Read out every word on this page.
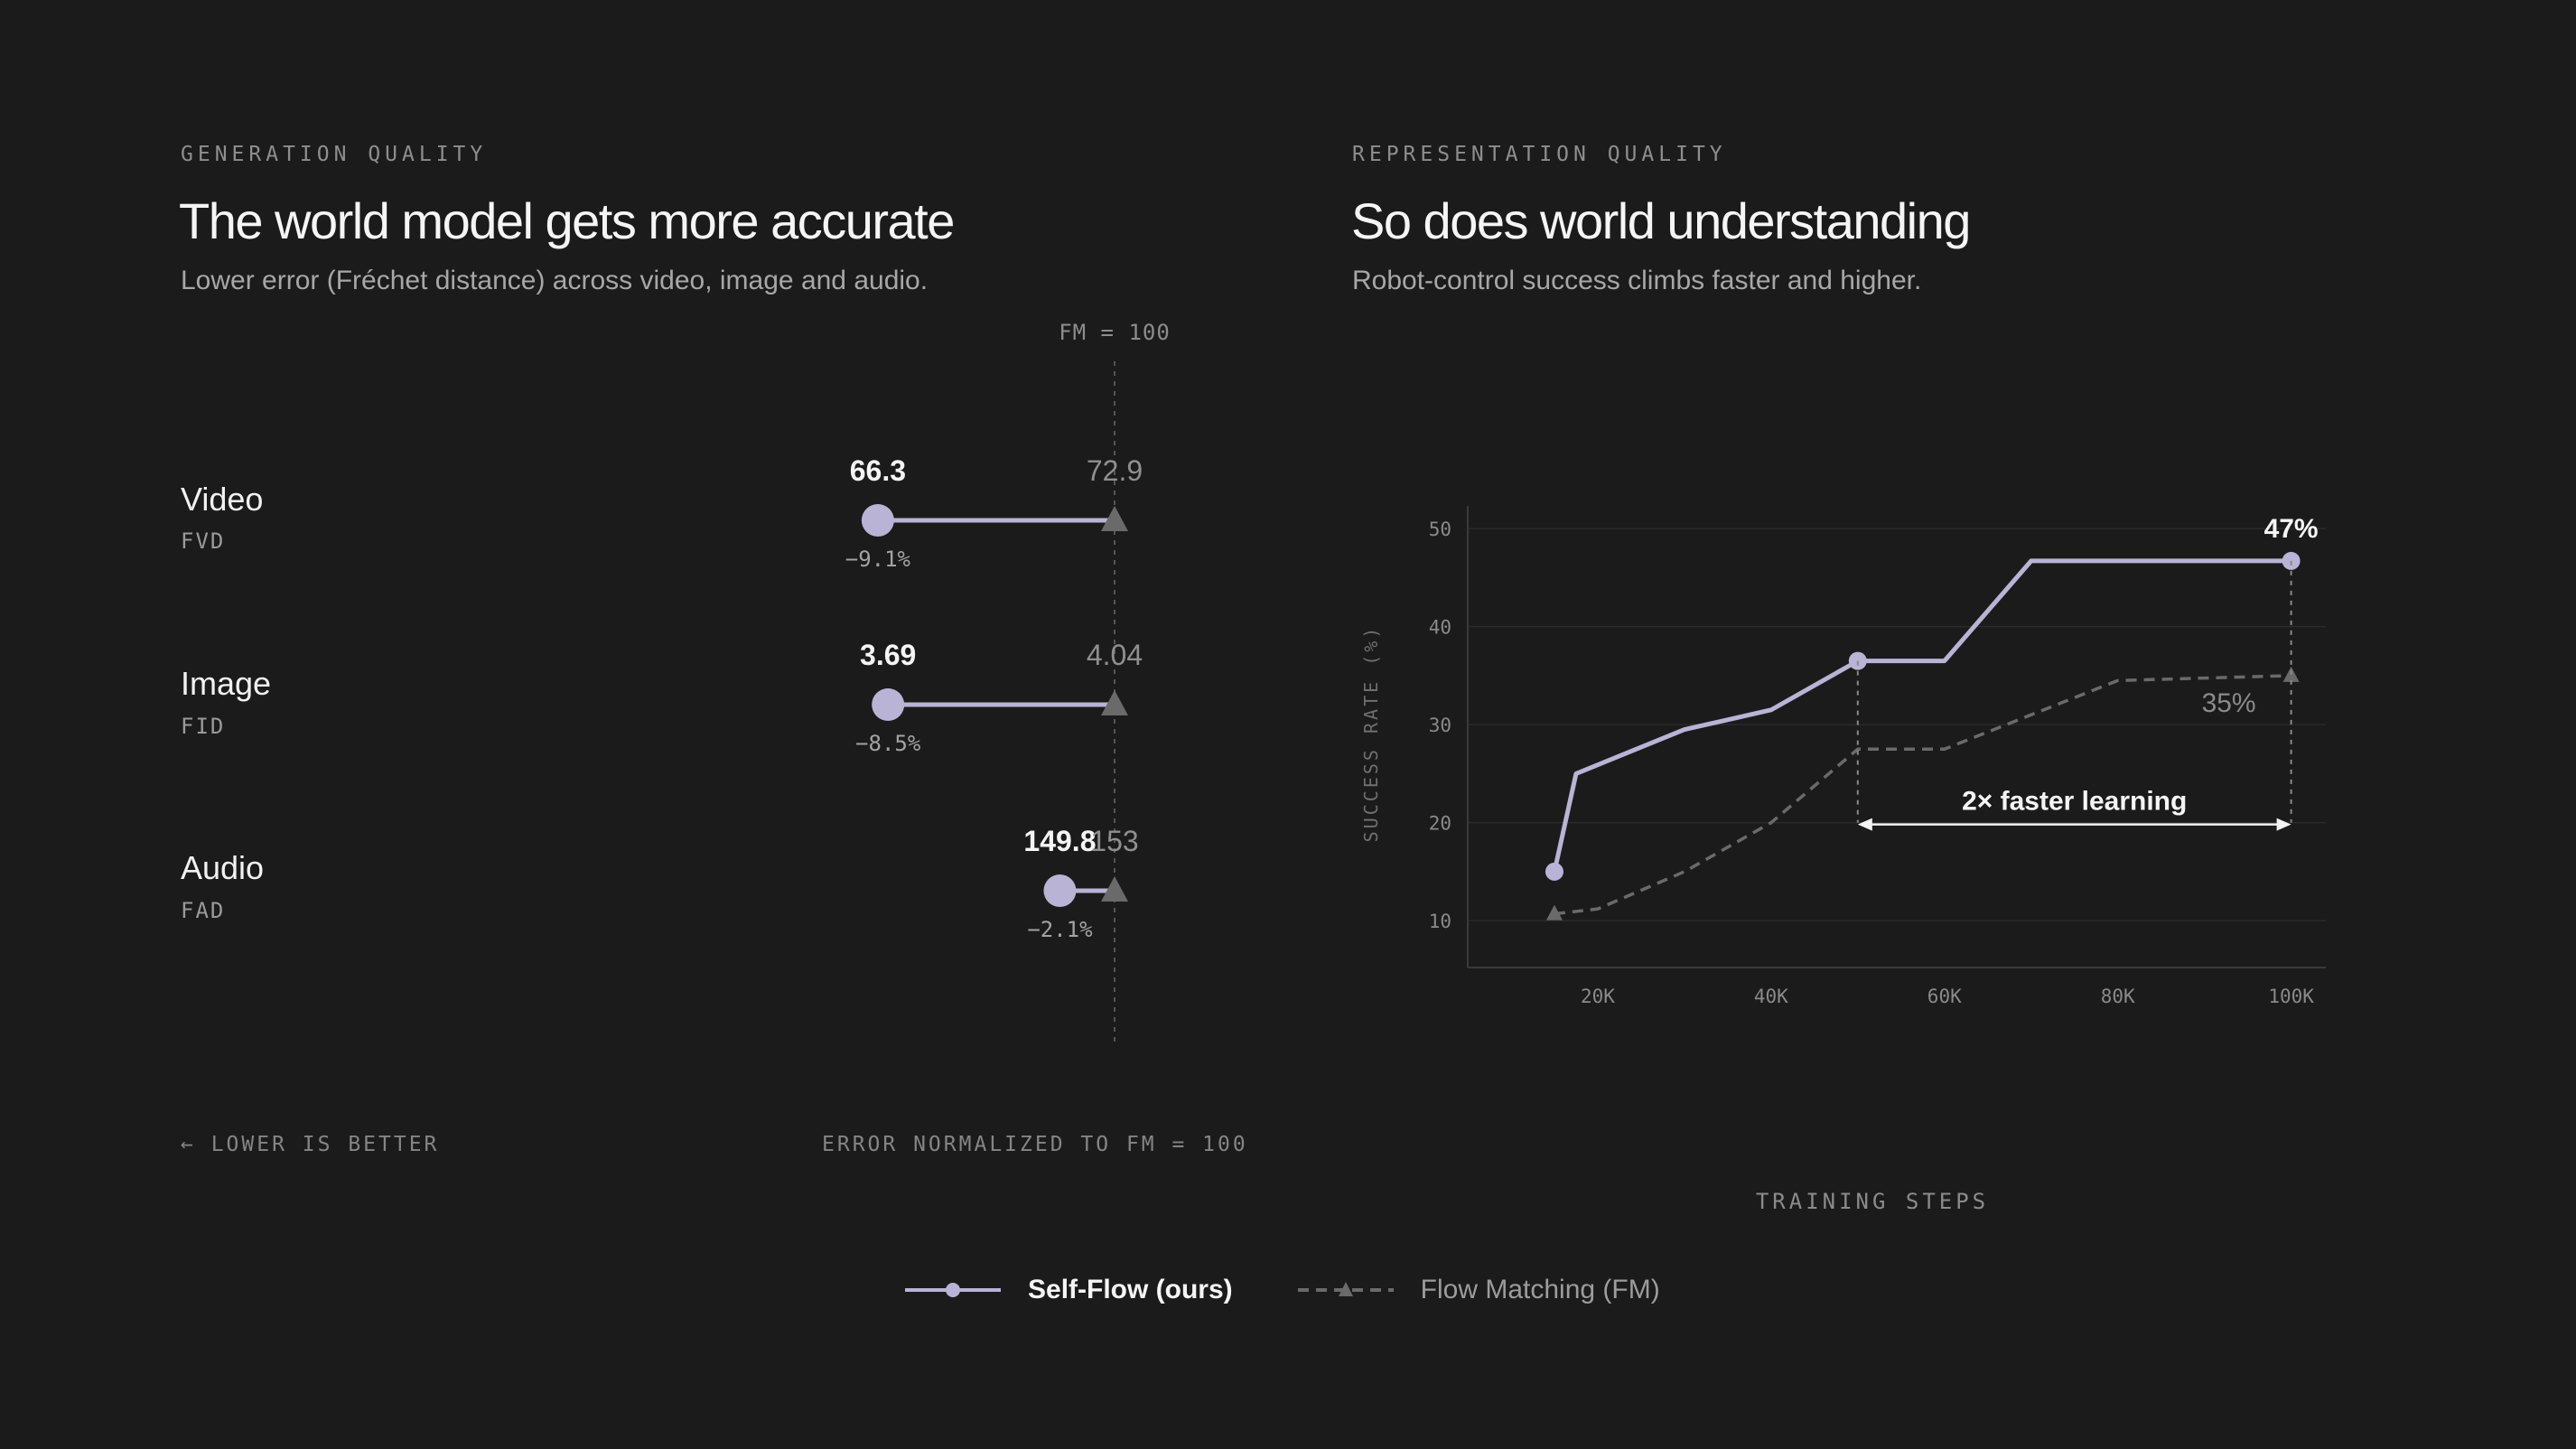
GENERATION QUALITY
The world model gets more accurate
Lower error (Fréchet distance) across video, image and audio.
Video
FVD
Image
FID
Audio
FAD
FM = 100
66.3	72.9
−9.1%
3.69	4.04
−8.5%
149.8
153
−2.1%
← LOWER IS BETTER	ERROR NORMALIZED TO FM = 100
REPRESENTATION QUALITY
So does world understanding
Robot-control success climbs faster and higher.
10
20
30
40
50
20K	40K	60K	80K	100K
2× faster learning
47%
35%
SUCCESS RATE (%)
TRAINING STEPS
Self-Flow (ours)	Flow Matching (FM)
